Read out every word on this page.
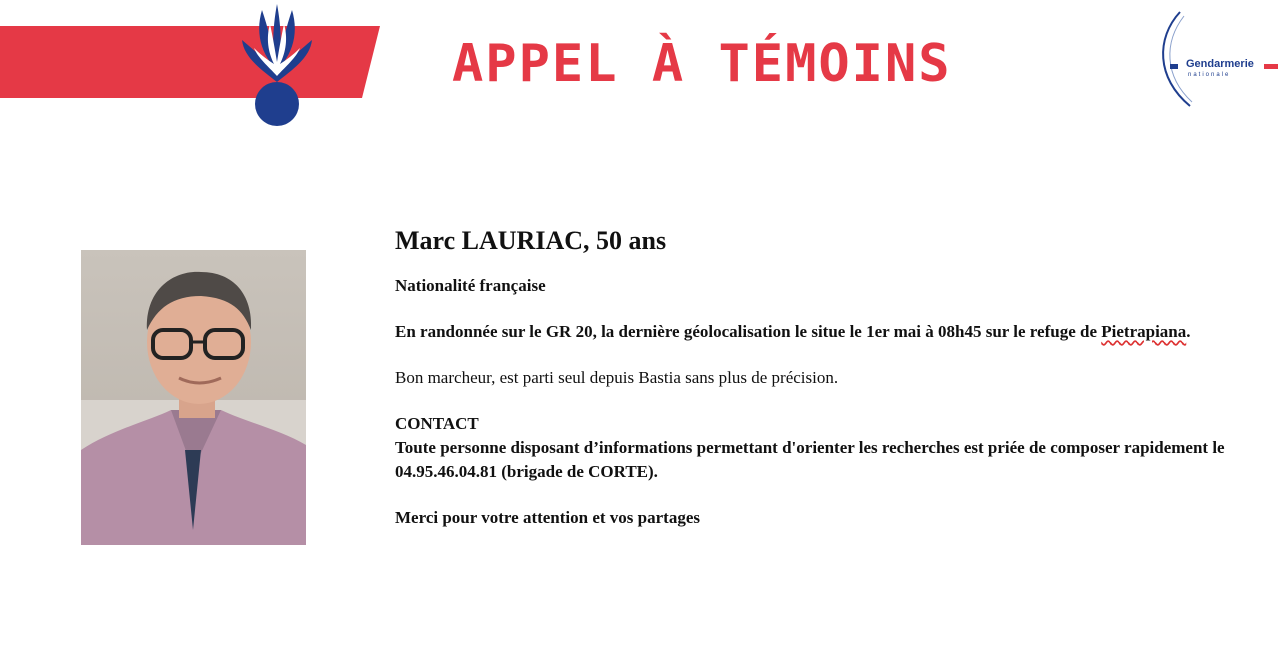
APPEL À TÉMOINS	Gendarmerie
nationale
Marc LAURIAC, 50 ans

Nationalité française

En randonnée sur le GR 20, la dernière géolocalisation le situe le 1er mai à 08h45 sur le refuge de Pietrapiana.

Bon marcheur, est parti seul depuis Bastia sans plus de précision.

CONTACT

Toute personne disposant d’informations permettant d'orienter les recherches est priée de composer rapidement le 04.95.46.04.81 (brigade de CORTE).

Merci pour votre attention et vos partages
